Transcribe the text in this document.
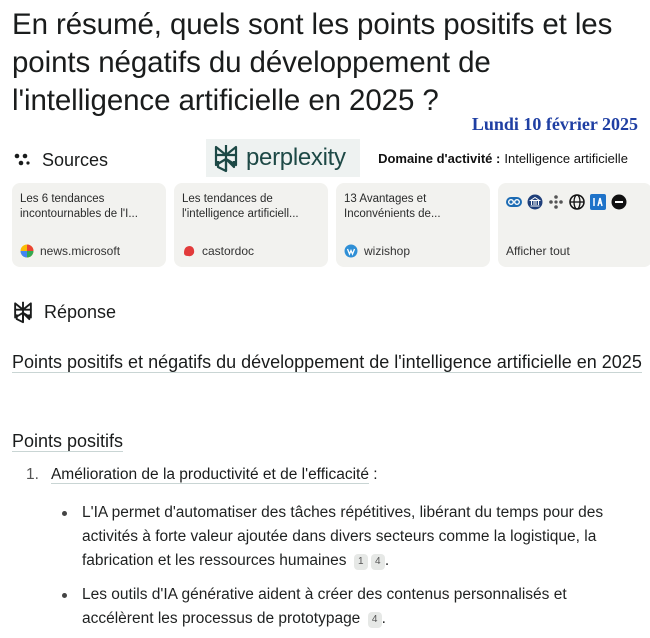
En résumé, quels sont les points positifs et les points négatifs du développement de l'intelligence artificielle en 2025 ?
Lundi 10 février 2025
Sources	perplexity Domaine d'activité : Intelligence artificielle
Les 6 tendances incontournables de l'I...
news.microsoft
Les tendances de l'intelligence artificiell...
castordoc
13 Avantages et Inconvénients de...
wizishop	Afficher tout
Réponse
Points positifs et négatifs du développement de l'intelligence artificielle en 2025
Points positifs
1. Amélioration de la productivité et de l'efficacité :
L'IA permet d'automatiser des tâches répétitives, libérant du temps pour des activités à forte valeur ajoutée dans divers secteurs comme la logistique, la fabrication et les ressources humaines 1 4 .
Les outils d'IA générative aident à créer des contenus personnalisés et accélèrent les processus de prototypage 4 .
